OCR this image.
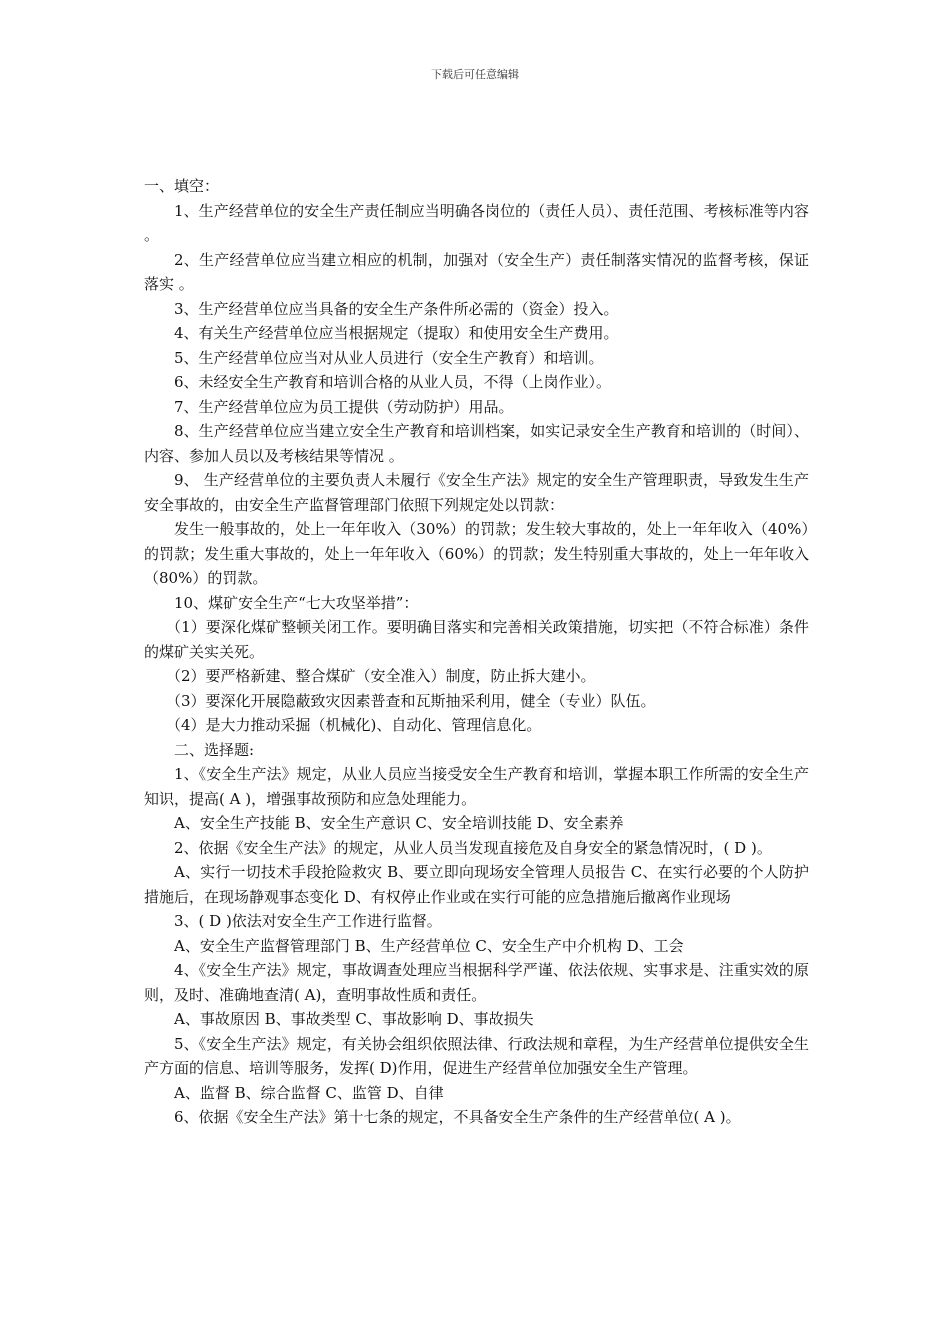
下载后可任意编辑

一、填空：

1、生产经营单位的安全生产责任制应当明确各岗位的（责任人员）、责任范围、考核标准等内容 。

2、生产经营单位应当建立相应的机制，加强对（安全生产）责任制落实情况的监督考核，保证落实 。

3、生产经营单位应当具备的安全生产条件所必需的（资金）投入。

4、有关生产经营单位应当根据规定（提取）和使用安全生产费用。

5、生产经营单位应当对从业人员进行（安全生产教育）和培训。

6、未经安全生产教育和培训合格的从业人员，不得（上岗作业）。

7、生产经营单位应为员工提供（劳动防护）用品。

8、生产经营单位应当建立安全生产教育和培训档案，如实记录安全生产教育和培训的（时间）、内容、参加人员以及考核结果等情况 。

9、 生产经营单位的主要负责人未履行《安全生产法》规定的安全生产管理职责，导致发生生产安全事故的，由安全生产监督管理部门依照下列规定处以罚款：

发生一般事故的，处上一年年收入（30%）的罚款；发生较大事故的，处上一年年收入（40%）的罚款；发生重大事故的，处上一年年收入（60%）的罚款；发生特别重大事故的，处上一年年收入（80%）的罚款。

10、煤矿安全生产“七大攻坚举措”：

（1）要深化煤矿整顿关闭工作。要明确目落实和完善相关政策措施，切实把（不符合标准）条件的煤矿关实关死。

（2）要严格新建、整合煤矿（安全准入）制度，防止拆大建小。

（3）要深化开展隐蔽致灾因素普查和瓦斯抽采利用，健全（专业）队伍。

（4）是大力推动采掘（机械化)、自动化、管理信息化。

二、选择题:

1、《安全生产法》规定，从业人员应当接受安全生产教育和培训，掌握本职工作所需的安全生产知识，提高( A )，增强事故预防和应急处理能力。

A、安全生产技能 B、安全生产意识 C、安全培训技能 D、安全素养

2、依据《安全生产法》的规定，从业人员当发现直接危及自身安全的紧急情况时，( D )。

A、实行一切技术手段抢险救灾 B、要立即向现场安全管理人员报告 C、在实行必要的个人防护措施后，在现场静观事态变化 D、有权停止作业或在实行可能的应急措施后撤离作业现场

3、( D )依法对安全生产工作进行监督。

A、安全生产监督管理部门 B、生产经营单位 C、安全生产中介机构 D、工会

4、《安全生产法》规定，事故调查处理应当根据科学严谨、依法依规、实事求是、注重实效的原则，及时、准确地查清( A)，查明事故性质和责任。

A、事故原因 B、事故类型 C、事故影响 D、事故损失

5、《安全生产法》规定，有关协会组织依照法律、行政法规和章程，为生产经营单位提供安全生产方面的信息、培训等服务，发挥( D)作用，促进生产经营单位加强安全生产管理。

A、监督 B、综合监督 C、监管 D、自律

6、依据《安全生产法》第十七条的规定，不具备安全生产条件的生产经营单位( A )。
